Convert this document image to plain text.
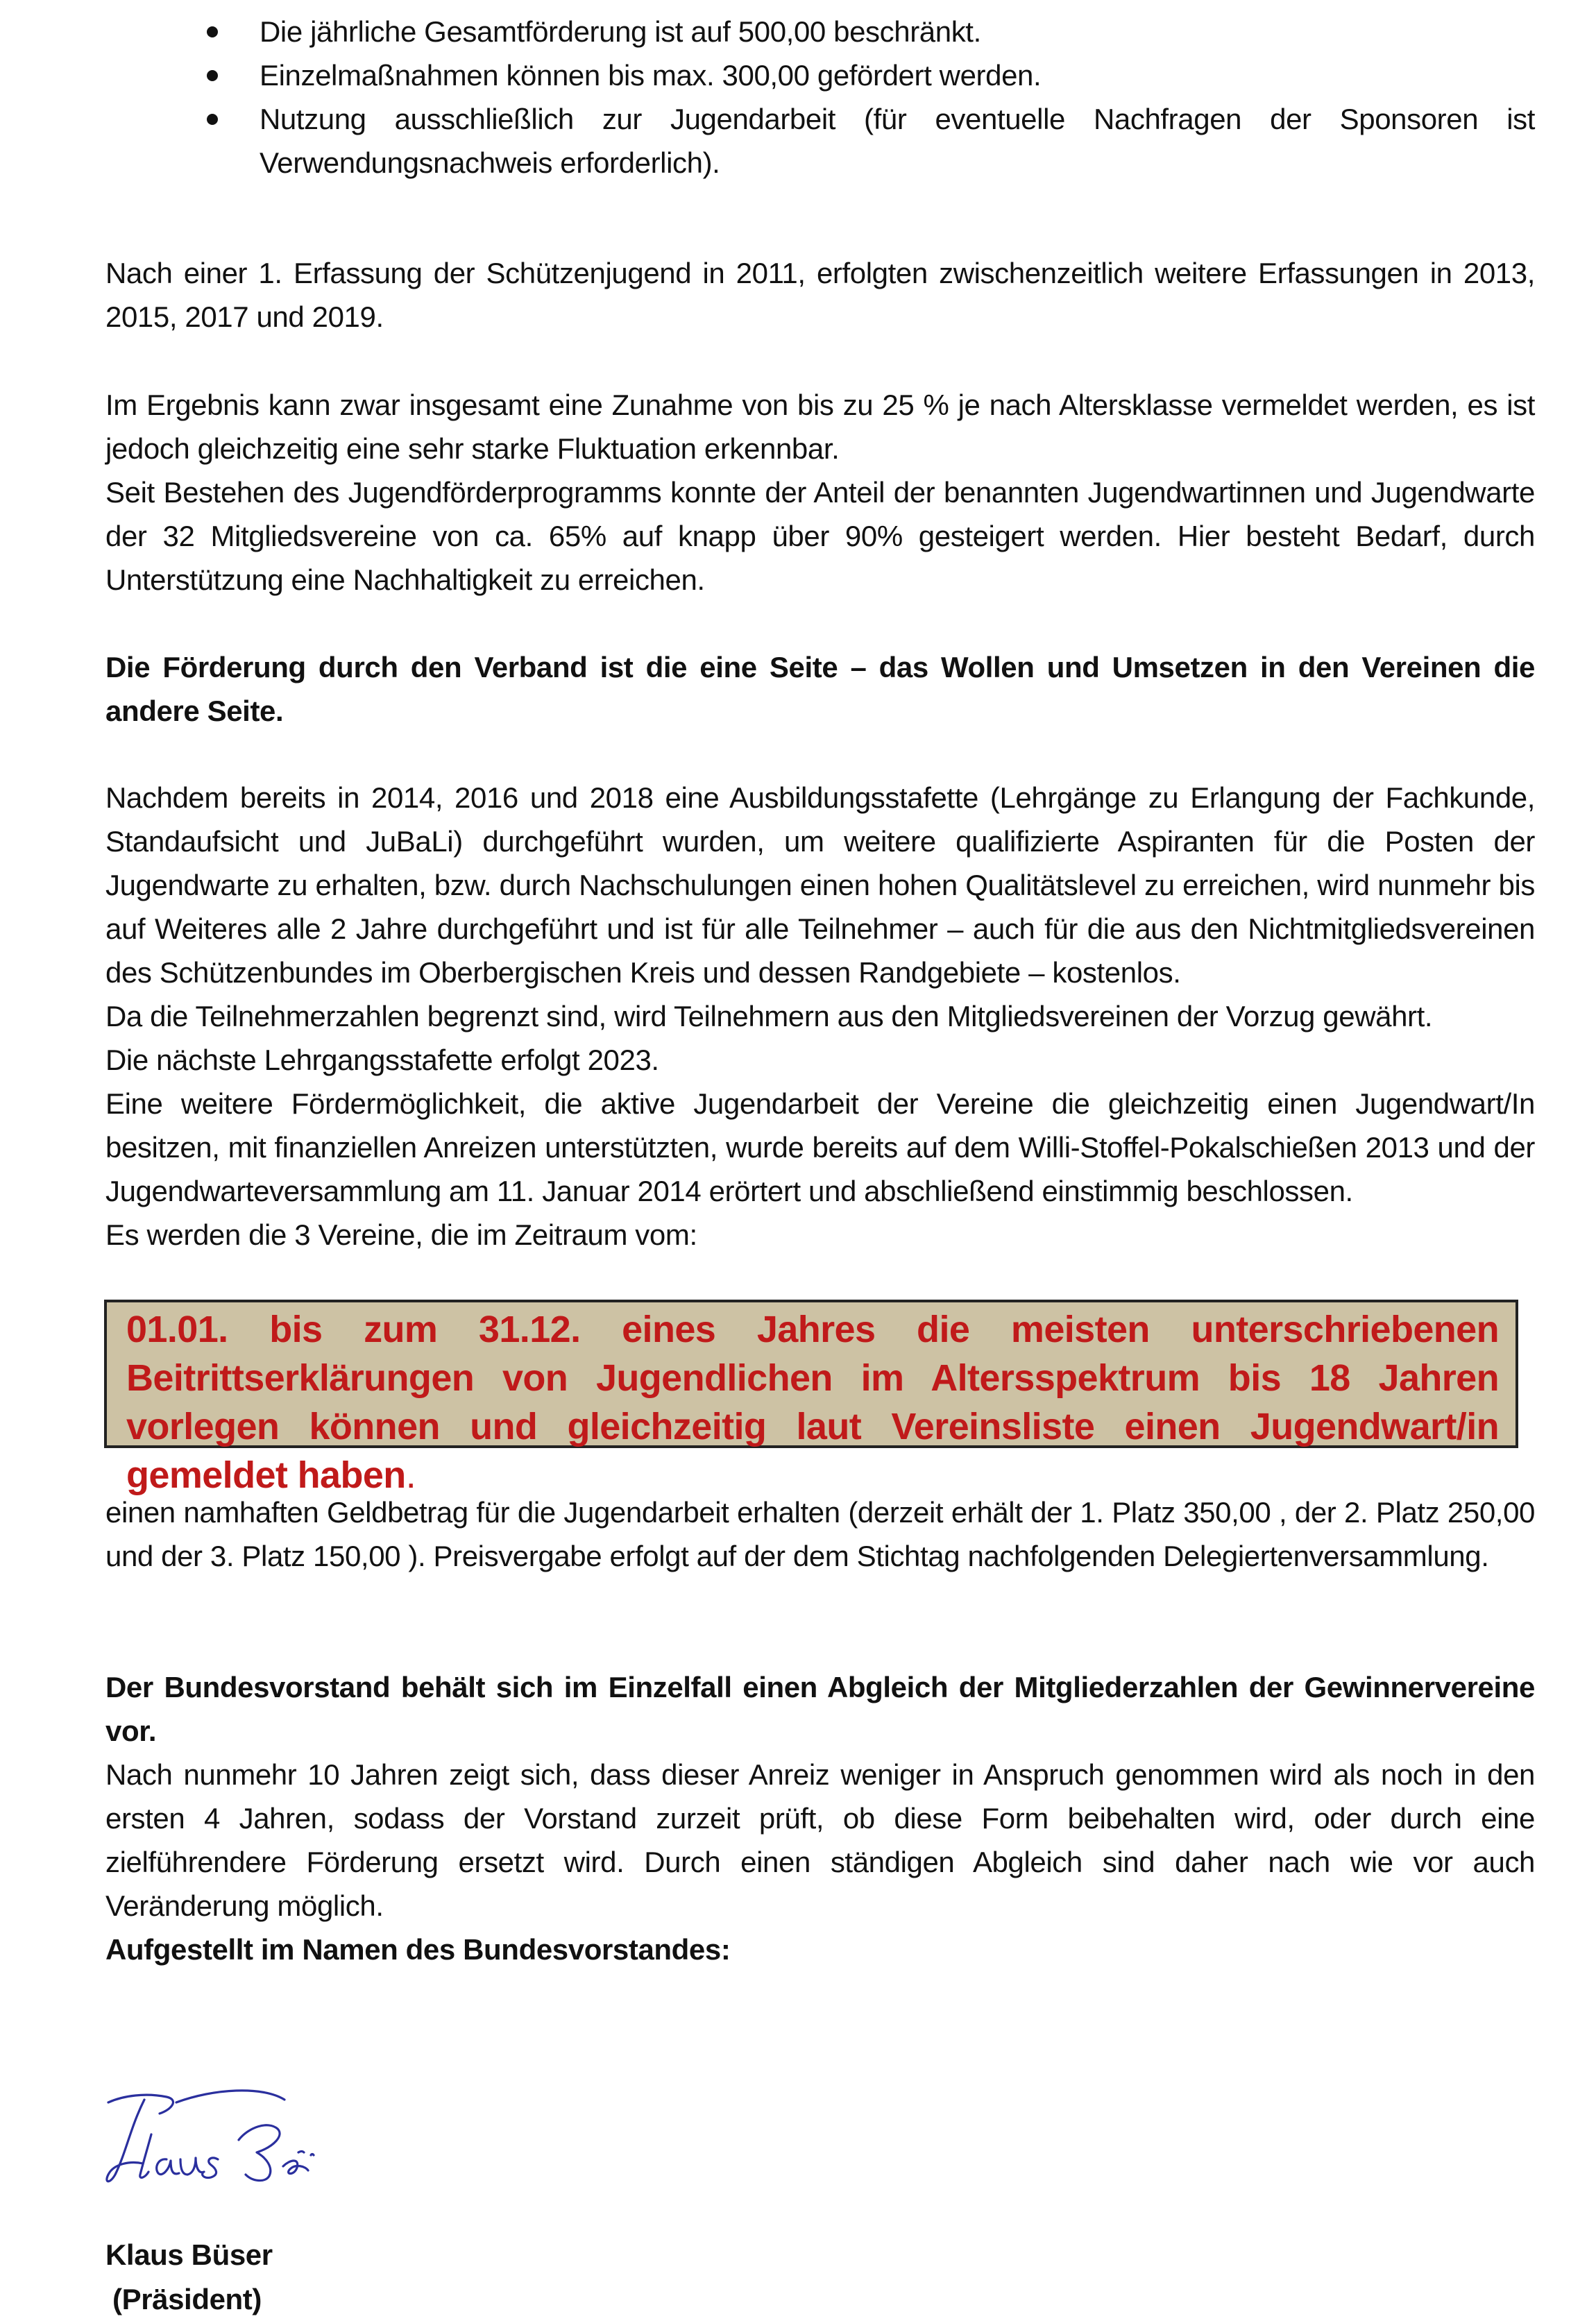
Die jährliche Gesamtförderung ist auf 500,00 beschränkt.
Einzelmaßnahmen können bis max. 300,00 gefördert werden.
Nutzung ausschließlich zur Jugendarbeit (für eventuelle Nachfragen der Sponsoren ist Verwendungsnachweis erforderlich).

Nach einer 1. Erfassung der Schützenjugend in 2011, erfolgten zwischenzeitlich weitere Erfassungen in 2013, 2015, 2017 und 2019.

Im Ergebnis kann zwar insgesamt eine Zunahme von bis zu 25 % je nach Altersklasse vermeldet werden, es ist jedoch gleichzeitig eine sehr starke Fluktuation erkennbar.

Seit Bestehen des Jugendförderprogramms konnte der Anteil der benannten Jugendwartinnen und Jugendwarte der 32 Mitgliedsvereine von ca. 65% auf knapp über 90% gesteigert werden. Hier besteht Bedarf, durch Unterstützung eine Nachhaltigkeit zu erreichen.

Die Förderung durch den Verband ist die eine Seite – das Wollen und Umsetzen in den Vereinen die andere Seite.

Nachdem bereits in 2014, 2016 und 2018 eine Ausbildungsstafette (Lehrgänge zu Erlangung der Fachkunde, Standaufsicht und JuBaLi) durchgeführt wurden, um weitere qualifizierte Aspiranten für die Posten der Jugendwarte zu erhalten, bzw. durch Nachschulungen einen hohen Qualitätslevel zu erreichen, wird nunmehr bis auf Weiteres alle 2 Jahre durchgeführt und ist für alle Teilnehmer – auch für die aus den Nichtmitgliedsvereinen des Schützenbundes im Oberbergischen Kreis und dessen Randgebiete – kostenlos.

Da die Teilnehmerzahlen begrenzt sind, wird Teilnehmern aus den Mitgliedsvereinen der Vorzug gewährt.

Die nächste Lehrgangsstafette erfolgt 2023.

Eine weitere Fördermöglichkeit, die aktive Jugendarbeit der Vereine die gleichzeitig einen Jugendwart/In besitzen, mit finanziellen Anreizen unterstützten, wurde bereits auf dem Willi-Stoffel-Pokalschießen 2013 und der Jugendwarteversammlung am 11. Januar 2014 erörtert und abschließend einstimmig beschlossen.

Es werden die 3 Vereine, die im Zeitraum vom:

01.01. bis zum 31.12. eines Jahres die meisten unterschriebenen Beitrittserklärungen von Jugendlichen im Altersspektrum bis 18 Jahren vorlegen können und gleichzeitig laut Vereinsliste einen Jugendwart/in gemeldet haben.

einen namhaften Geldbetrag für die Jugendarbeit erhalten (derzeit erhält der 1. Platz 350,00 , der 2. Platz 250,00 und der 3. Platz 150,00 ). Preisvergabe erfolgt auf der dem Stichtag nachfolgenden Delegiertenversammlung.

Der Bundesvorstand behält sich im Einzelfall einen Abgleich der Mitgliederzahlen der Gewinnervereine vor.

Nach nunmehr 10 Jahren zeigt sich, dass dieser Anreiz weniger in Anspruch genommen wird als noch in den ersten 4 Jahren, sodass der Vorstand zurzeit prüft, ob diese Form beibehalten wird, oder durch eine zielführendere Förderung ersetzt wird. Durch einen ständigen Abgleich sind daher nach wie vor auch Veränderung möglich.

Aufgestellt im Namen des Bundesvorstandes:

Klaus Büser

(Präsident)
